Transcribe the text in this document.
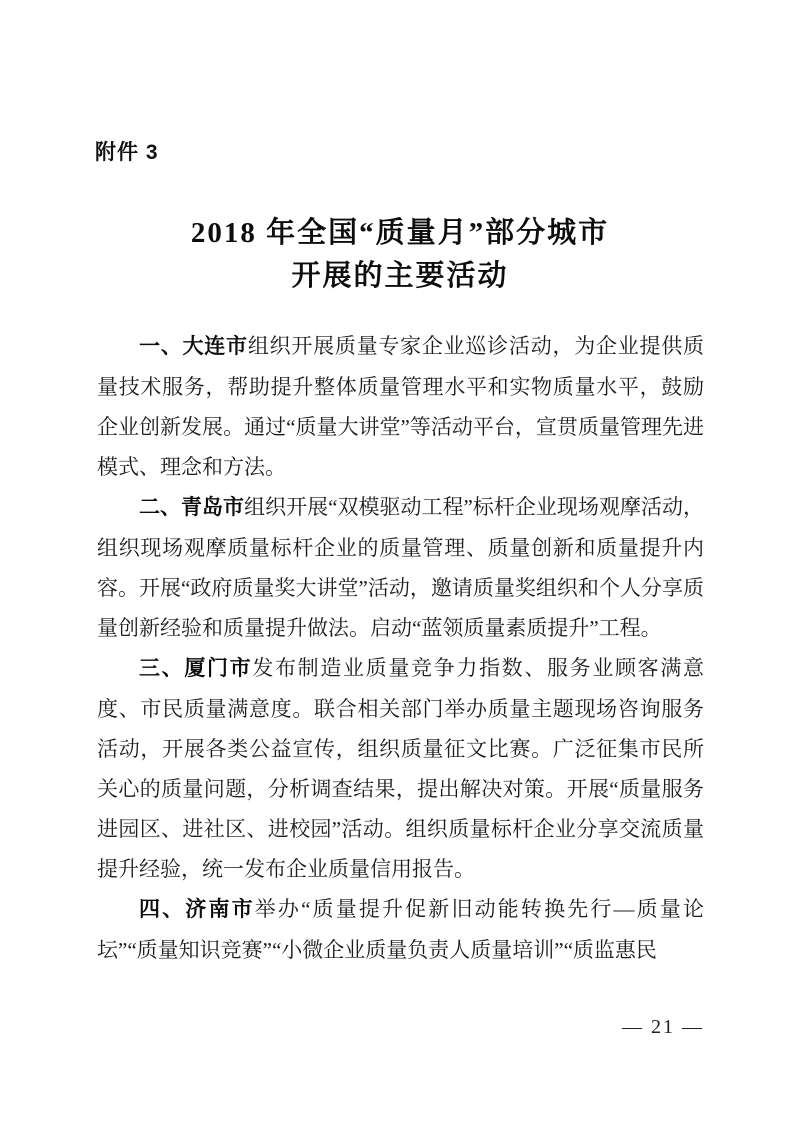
附件 3
2018 年全国“质量月”部分城市
开展的主要活动

一、大连市组织开展质量专家企业巡诊活动，为企业提供质量技术服务，帮助提升整体质量管理水平和实物质量水平，鼓励企业创新发展。通过“质量大讲堂”等活动平台，宣贯质量管理先进模式、理念和方法。

二、青岛市组织开展“双模驱动工程”标杆企业现场观摩活动，组织现场观摩质量标杆企业的质量管理、质量创新和质量提升内容。开展“政府质量奖大讲堂”活动，邀请质量奖组织和个人分享质量创新经验和质量提升做法。启动“蓝领质量素质提升”工程。

三、厦门市发布制造业质量竞争力指数、服务业顾客满意度、市民质量满意度。联合相关部门举办质量主题现场咨询服务活动，开展各类公益宣传，组织质量征文比赛。广泛征集市民所关心的质量问题，分析调查结果，提出解决对策。开展“质量服务进园区、进社区、进校园”活动。组织质量标杆企业分享交流质量提升经验，统一发布企业质量信用报告。

四、济南市举办“质量提升促新旧动能转换先行—质量论坛”“质量知识竞赛”“小微企业质量负责人质量培训”“质监惠民

— 21 —
